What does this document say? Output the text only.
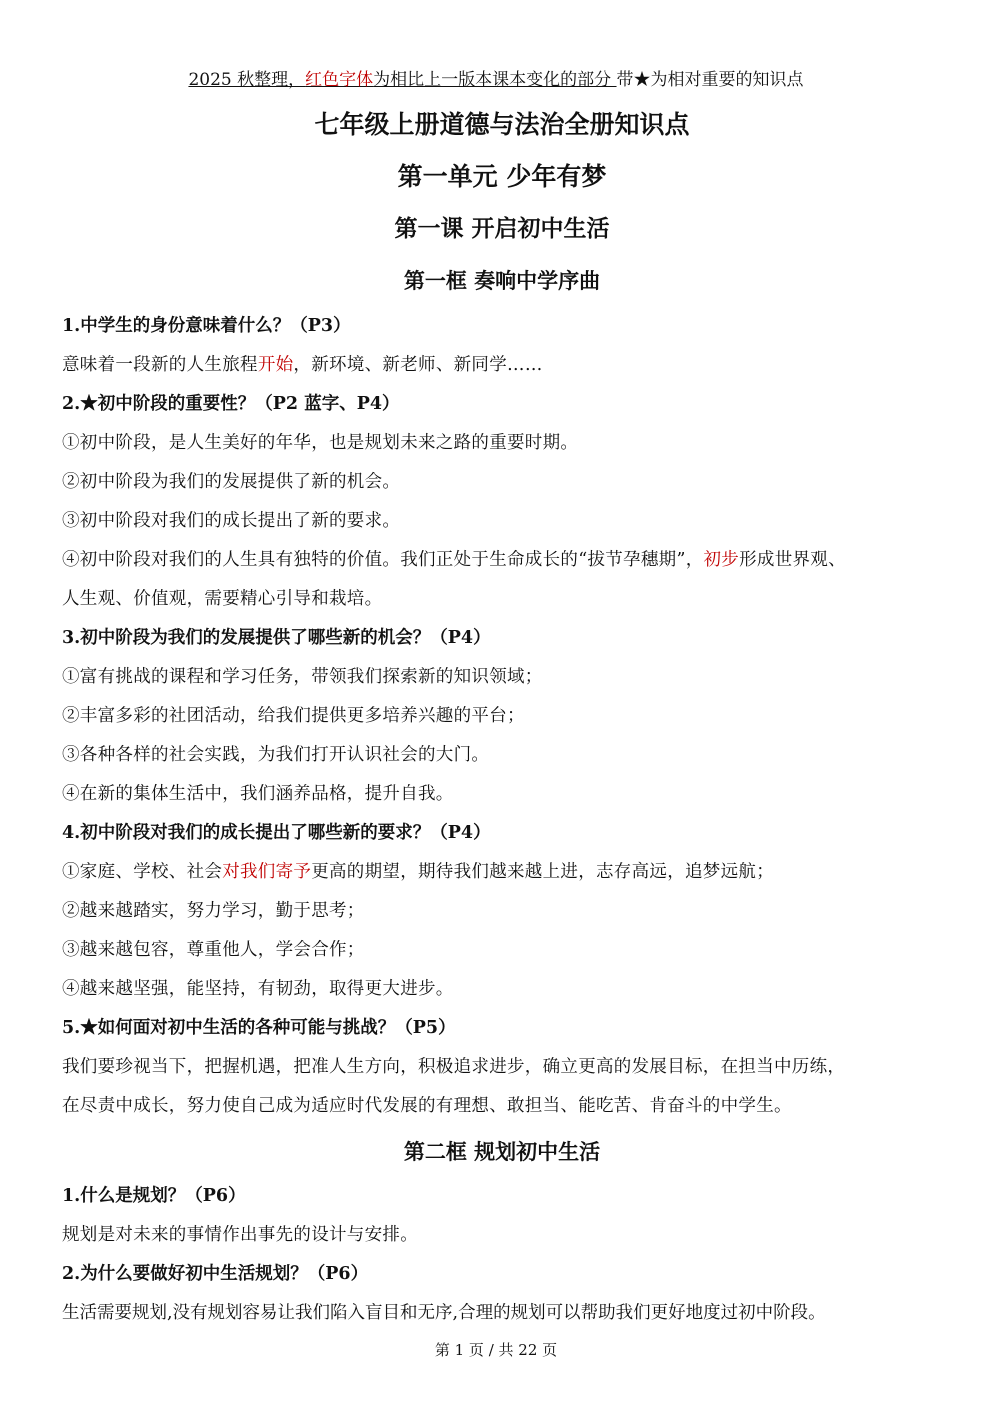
2025 秋整理，红色字体为相比上一版本课本变化的部分 带★为相对重要的知识点
七年级上册道德与法治全册知识点
第一单元 少年有梦
第一课 开启初中生活
第一框 奏响中学序曲
1.中学生的身份意味着什么？（P3）
意味着一段新的人生旅程开始，新环境、新老师、新同学……
2.★初中阶段的重要性？（P2 蓝字、P4）
①初中阶段，是人生美好的年华，也是规划未来之路的重要时期。
②初中阶段为我们的发展提供了新的机会。
③初中阶段对我们的成长提出了新的要求。
④初中阶段对我们的人生具有独特的价值。我们正处于生命成长的“拔节孕穗期”，初步形成世界观、
人生观、价值观，需要精心引导和栽培。
3.初中阶段为我们的发展提供了哪些新的机会？（P4）
①富有挑战的课程和学习任务，带领我们探索新的知识领域；
②丰富多彩的社团活动，给我们提供更多培养兴趣的平台；
③各种各样的社会实践，为我们打开认识社会的大门。
④在新的集体生活中，我们涵养品格，提升自我。
4.初中阶段对我们的成长提出了哪些新的要求？（P4）
①家庭、学校、社会对我们寄予更高的期望，期待我们越来越上进，志存高远，追梦远航；
②越来越踏实，努力学习，勤于思考；
③越来越包容，尊重他人，学会合作；
④越来越坚强，能坚持，有韧劲，取得更大进步。
5.★如何面对初中生活的各种可能与挑战？（P5）
我们要珍视当下，把握机遇，把准人生方向，积极追求进步，确立更高的发展目标，在担当中历练，
在尽责中成长，努力使自己成为适应时代发展的有理想、敢担当、能吃苦、肯奋斗的中学生。
第二框 规划初中生活
1.什么是规划？（P6）
规划是对未来的事情作出事先的设计与安排。
2.为什么要做好初中生活规划？（P6）
生活需要规划,没有规划容易让我们陷入盲目和无序,合理的规划可以帮助我们更好地度过初中阶段。
第 1 页 / 共 22 页
